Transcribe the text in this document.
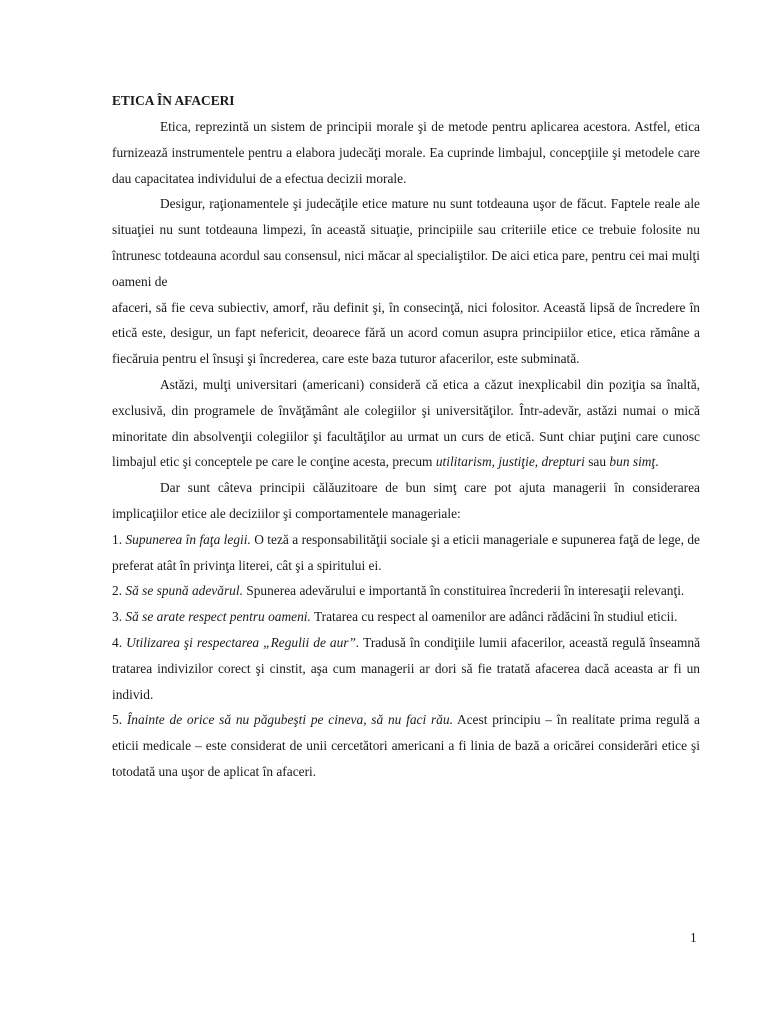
ETICA ÎN AFACERI

Etica, reprezintă un sistem de principii morale şi de metode pentru aplicarea acestora. Astfel, etica furnizează instrumentele pentru a elabora judecăţi morale. Ea cuprinde limbajul, concepţiile şi metodele care dau capacitatea individului de a efectua decizii morale.

Desigur, raţionamentele şi judecăţile etice mature nu sunt totdeauna uşor de făcut. Faptele reale ale situaţiei nu sunt totdeauna limpezi, în această situaţie, principiile sau criteriile etice ce trebuie folosite nu întrunesc totdeauna acordul sau consensul, nici măcar al specialiştilor. De aici etica pare, pentru cei mai mulţi oameni de

afaceri, să fie ceva subiectiv, amorf, rău definit şi, în consecinţă, nici folositor. Această lipsă de încredere în etică este, desigur, un fapt nefericit, deoarece fără un acord comun asupra principiilor etice, etica rămâne a fiecăruia pentru el însuşi şi încrederea, care este baza tuturor afacerilor, este subminată.

Astăzi, mulţi universitari (americani) consideră că etica a căzut inexplicabil din poziţia sa înaltă, exclusivă, din programele de învăţământ ale colegiilor şi universităţilor. Într-adevăr, astăzi numai o mică minoritate din absolvenţii colegiilor şi facultăţilor au urmat un curs de etică. Sunt chiar puţini care cunosc limbajul etic şi conceptele pe care le conţine acesta, precum utilitarism, justiţie, drepturi sau bun simţ.

Dar sunt câteva principii călăuzitoare de bun simţ care pot ajuta managerii în considerarea implicaţiilor etice ale deciziilor şi comportamentele manageriale:

1. Supunerea în faţa legii. O teză a responsabilităţii sociale şi a eticii manageriale e supunerea faţă de lege, de preferat atât în privinţa literei, cât şi a spiritului ei.
2. Să se spună adevărul. Spunerea adevărului e importantă în constituirea încrederii în interesaţii relevanţi.
3. Să se arate respect pentru oameni. Tratarea cu respect al oamenilor are adânci rădăcini în studiul eticii.
4. Utilizarea şi respectarea „Regulii de aur”. Tradusă în condiţiile lumii afacerilor, această regulă înseamnă tratarea indivizilor corect şi cinstit, aşa cum managerii ar dori să fie tratată afacerea dacă aceasta ar fi un individ.
5. Înainte de orice să nu păgubeşti pe cineva, să nu faci rău. Acest principiu – în realitate prima regulă a eticii medicale – este considerat de unii cercetători americani a fi linia de bază a oricărei considerări etice şi totodată una uşor de aplicat în afaceri.
1
